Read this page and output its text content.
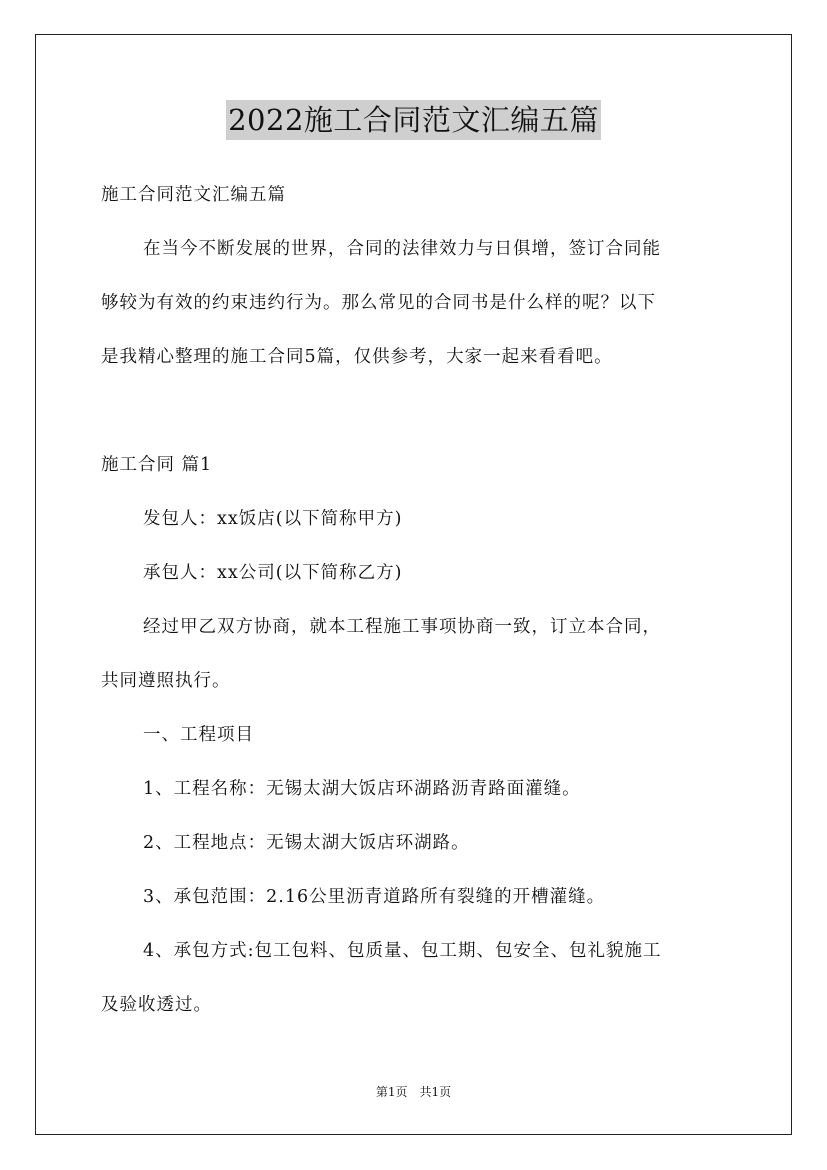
2022施工合同范文汇编五篇
施工合同范文汇编五篇
在当今不断发展的世界，合同的法律效力与日俱增，签订合同能
够较为有效的约束违约行为。那么常见的合同书是什么样的呢？以下
是我精心整理的施工合同5篇，仅供参考，大家一起来看看吧。
施工合同 篇1
发包人：xx饭店(以下简称甲方)
承包人：xx公司(以下简称乙方)
经过甲乙双方协商，就本工程施工事项协商一致，订立本合同，
共同遵照执行。
一、工程项目
1、工程名称：无锡太湖大饭店环湖路沥青路面灌缝。
2、工程地点：无锡太湖大饭店环湖路。
3、承包范围：2.16公里沥青道路所有裂缝的开槽灌缝。
4、承包方式:包工包料、包质量、包工期、包安全、包礼貌施工
及验收透过。
第1页　共1页
